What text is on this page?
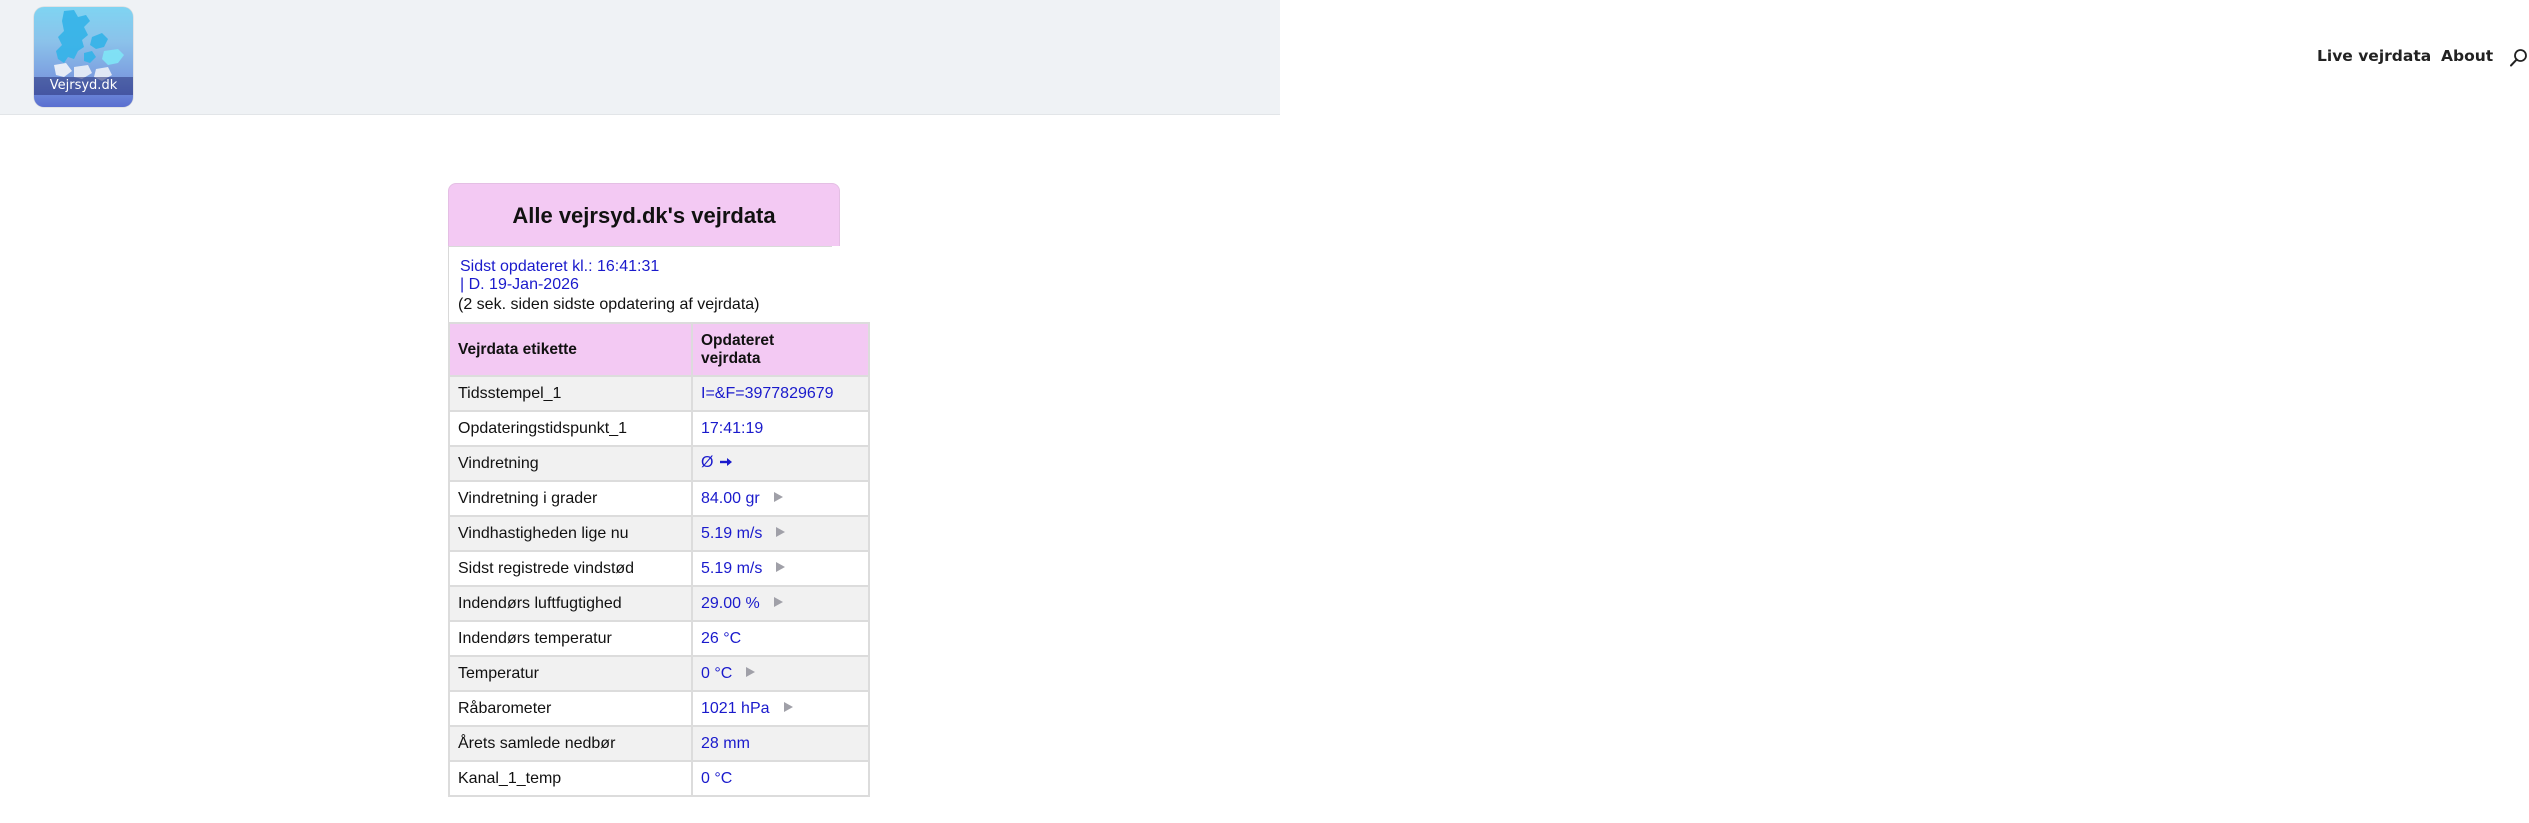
Vejrsyd.dk
Live vejrdata About
Alle vejrsyd.dk's vejrdata
Sidst opdateret kl.: 16:41:31
| D. 19-Jan-2026
(2 sek. siden sidste opdatering af vejrdata)
Vejrdata etikette	Opdateret vejrdata
Tidsstempel_1	I=&F=3977829679
Opdateringstidspunkt_1	17:41:19
Vindretning	Ø
Vindretning i grader	84.00 gr
Vindhastigheden lige nu	5.19 m/s
Sidst registrede vindstød	5.19 m/s
Indendørs luftfugtighed	29.00 %
Indendørs temperatur	26 °C
Temperatur	0 °C
Råbarometer	1021 hPa
Årets samlede nedbør	28 mm
Kanal_1_temp	0 °C
